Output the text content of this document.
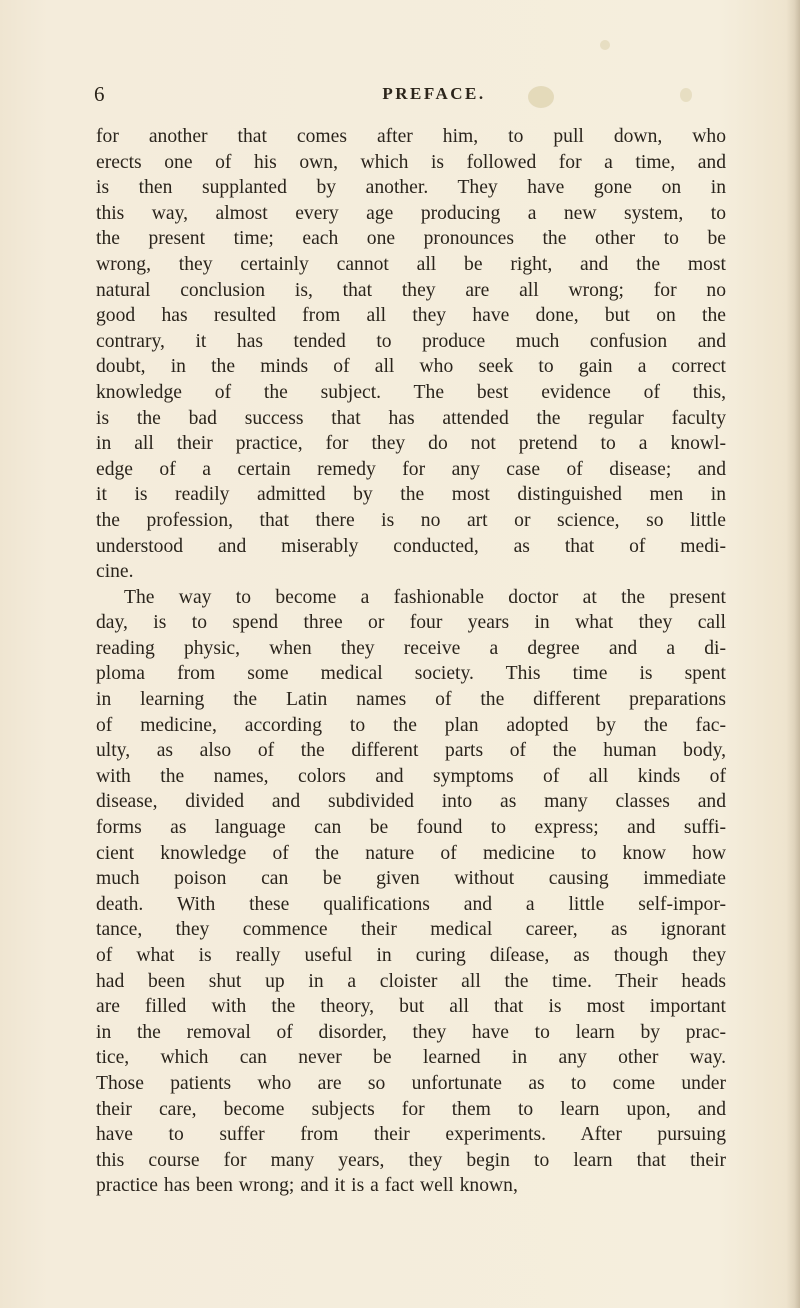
6	PREFACE.
for another that comes after him, to pull down, who
erects one of his own, which is followed for a time, and
is then supplanted by another. They have gone on in
this way, almost every age producing a new system, to
the present time; each one pronounces the other to be
wrong, they certainly cannot all be right, and the most
natural conclusion is, that they are all wrong; for no
good has resulted from all they have done, but on the
contrary, it has tended to produce much confusion and
doubt, in the minds of all who seek to gain a correct
knowledge of the subject. The best evidence of this,
is the bad success that has attended the regular faculty
in all their practice, for they do not pretend to a knowl-
edge of a certain remedy for any case of disease; and
it is readily admitted by the most distinguished men in
the profession, that there is no art or science, so little
understood and miserably conducted, as that of medi-
cine.
The way to become a fashionable doctor at the present
day, is to spend three or four years in what they call
reading physic, when they receive a degree and a di-
ploma from some medical society. This time is spent
in learning the Latin names of the different preparations
of medicine, according to the plan adopted by the fac-
ulty, as also of the different parts of the human body,
with the names, colors and symptoms of all kinds of
disease, divided and subdivided into as many classes and
forms as language can be found to express; and suffi-
cient knowledge of the nature of medicine to know how
much poison can be given without causing immediate
death. With these qualifications and a little self-impor-
tance, they commence their medical career, as ignorant
of what is really useful in curing diſease, as though they
had been shut up in a cloister all the time. Their heads
are filled with the theory, but all that is most important
in the removal of disorder, they have to learn by prac-
tice, which can never be learned in any other way.
Those patients who are so unfortunate as to come under
their care, become subjects for them to learn upon, and
have to suffer from their experiments. After pursuing
this course for many years, they begin to learn that their
practice has been wrong; and it is a fact well known,
